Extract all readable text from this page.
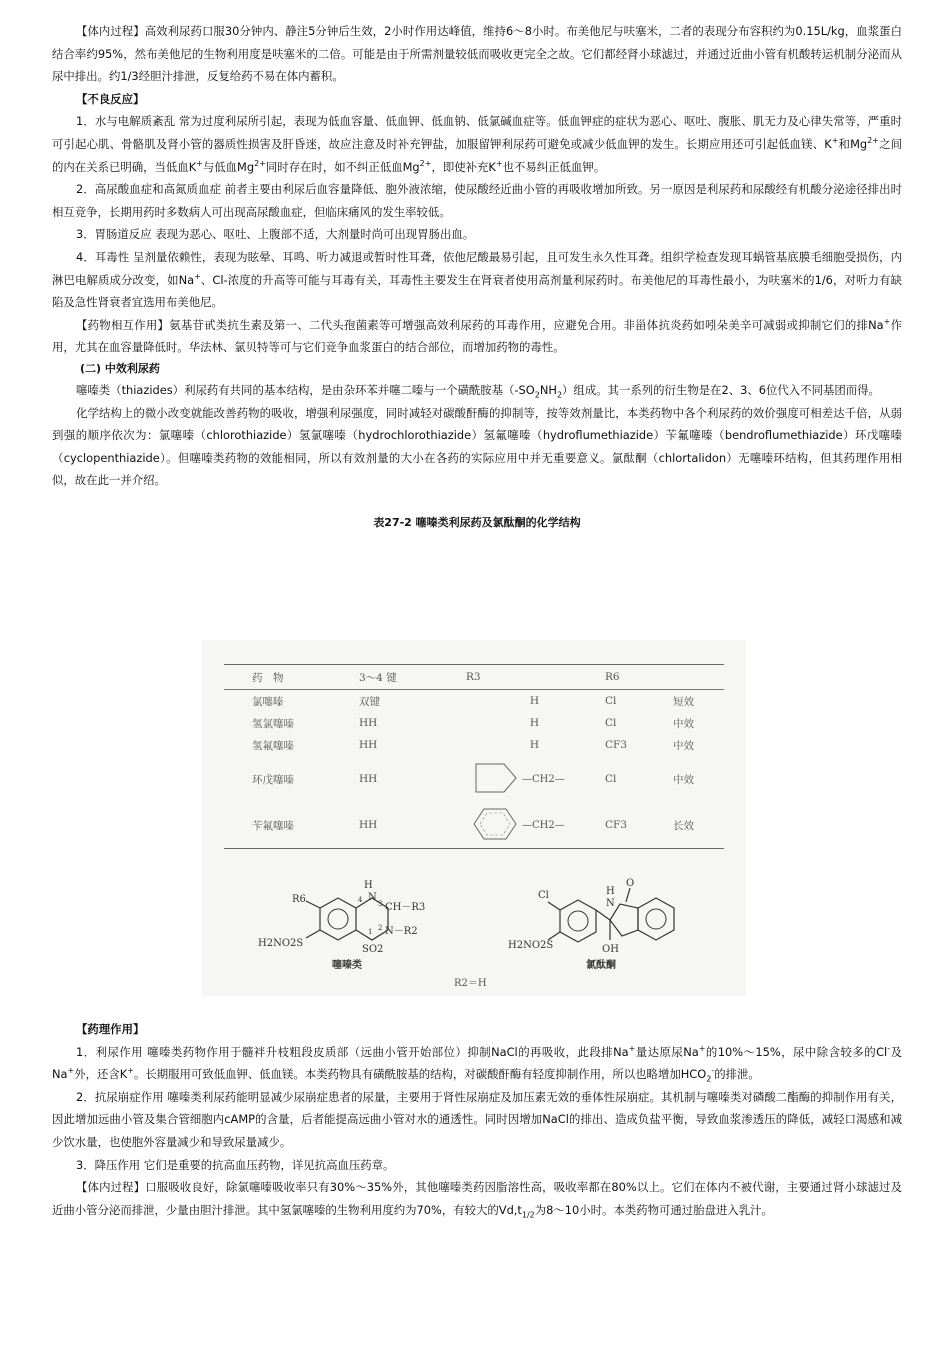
【体内过程】高效利尿药口服30分钟内、静注5分钟后生效，2小时作用达峰值，维持6～8小时。布美他尼与呋塞米，二者的表现分布容积约为0.15L/kg，血浆蛋白结合率约95%，然布美他尼的生物利用度是呋塞米的二倍。可能是由于所需剂量较低而吸收更完全之故。它们都经肾小球滤过，并通过近曲小管有机酸转运机制分泌而从尿中排出。约1/3经胆汁排泄，反复给药不易在体内蓄积。

【不良反应】

1．水与电解质紊乱 常为过度利尿所引起，表现为低血容量、低血钾、低血钠、低氯碱血症等。低血钾症的症状为恶心、呕吐、腹胀、肌无力及心律失常等，严重时可引起心肌、骨骼肌及肾小管的器质性损害及肝昏迷，故应注意及时补充钾盐，加服留钾利尿药可避免或减少低血钾的发生。长期应用还可引起低血镁、K+和$Mg^{2+}$之间的内在关系已明确，当低血K+与低血$Mg^{2+}$同时存在时，如不纠正低血$Mg^{2+}$，即使补充K+也不易纠正低血钾。

2．高尿酸血症和高氮质血症 前者主要由利尿后血容量降低、胞外液浓缩，使尿酸经近曲小管的再吸收增加所致。另一原因是利尿药和尿酸经有机酸分泌途径排出时相互竞争，长期用药时多数病人可出现高尿酸血症，但临床痛风的发生率较低。

3．胃肠道反应 表现为恶心、呕吐、上腹部不适，大剂量时尚可出现胃肠出血。

4．耳毒性 呈剂量依赖性，表现为眩晕、耳鸣、听力减退或暂时性耳聋，依他尼酸最易引起，且可发生永久性耳聋。组织学检查发现耳蜗管基底膜毛细胞受损伤，内淋巴电解质成分改变，如Na+、Cl-浓度的升高等可能与耳毒有关，耳毒性主要发生在肾衰者使用高剂量利尿药时。布美他尼的耳毒性最小，为呋塞米的1/6，对听力有缺陷及急性肾衰者宜选用布美他尼。

【药物相互作用】氨基苷甙类抗生素及第一、二代头孢菌素等可增强高效利尿药的耳毒作用，应避免合用。非甾体抗炎药如吲朵美辛可减弱或抑制它们的排Na+作用，尤其在血容量降低时。华法林、氯贝特等可与它们竞争血浆蛋白的结合部位，而增加药物的毒性。

(二) 中效利尿药

噻嗪类（thiazides）利尿药有共同的基本结构，是由杂环苯并噻二嗪与一个磺酰胺基$(-SO_2NH_2)$组成。其一系列的衍生物是在2、3、6位代入不同基团而得。

化学结构上的微小改变就能改善药物的吸收，增强利尿强度，同时减轻对碳酸酐酶的抑制等，按等效剂量比，本类药物中各个利尿药的效价强度可相差达千倍，从弱到强的顺序依次为：氯噻嗪（chlorothiazide）氢氯噻嗪（hydrochlorothiazide）氢氟噻嗪（hydroflumethiazide）苄氟噻嗪（bendroflumethiazide）环戊噻嗪（cyclopenthiazide）。但噻嗪类药物的效能相同，所以有效剂量的大小在各药的实际应用中并无重要意义。氯酞酮（chlortalidon）无噻嗪环结构，但其药理作用相似，故在此一并介绍。

表27-2 噻嗪类利尿药及氯酞酮的化学结构

药　物	3～4 键	R3	R6	
氯噻嗪	双键	H	Cl	短效
氢氯噻嗪	HH	H	Cl	中效
氢氟噻嗪	HH	H	CF3	中效
环戊噻嗪	HH	—CH2—	Cl	中效
苄氟噻嗪	HH	—CH2—	CF3	长效
H
N
4 3 CH－R3
1 2 N－R2
SO2
R6
H2NO2S
Cl
H2NO2S
O
H
N
OH
噻嗪类	氯酞酮
R2＝H

【药理作用】

1．利尿作用 噻嗪类药物作用于髓袢升枝粗段皮质部（远曲小管开始部位）抑制NaCl的再吸收，此段排Na+量达原尿Na+的10%～15%，尿中除含较多的Cl-及Na+外，还含K+。长期服用可致低血钾、低血镁。本类药物具有磺酰胺基的结构，对碳酸酐酶有轻度抑制作用，所以也略增加$HCO_2^-$的排泄。

2．抗尿崩症作用 噻嗪类利尿药能明显减少尿崩症患者的尿量，主要用于肾性尿崩症及加压素无效的垂体性尿崩症。其机制与噻嗪类对磷酸二酯酶的抑制作用有关，因此增加远曲小管及集合管细胞内cAMP的含量，后者能提高远曲小管对水的通透性。同时因增加NaCl的排出、造成负盐平衡，导致血浆渗透压的降低，减轻口渴感和减少饮水量，也使胞外容量减少和导致尿量减少。

3．降压作用 它们是重要的抗高血压药物，详见抗高血压药章。

【体内过程】口服吸收良好，除氯噻嗪吸收率只有30%～35%外，其他噻嗪类药因脂溶性高，吸收率都在80%以上。它们在体内不被代谢，主要通过肾小球滤过及近曲小管分泌而排泄，少量由胆汁排泄。其中氢氯噻嗪的生物利用度约为70%，有较大的$Vd,t_{1/2}$为8～10小时。本类药物可通过胎盘进入乳汁。
